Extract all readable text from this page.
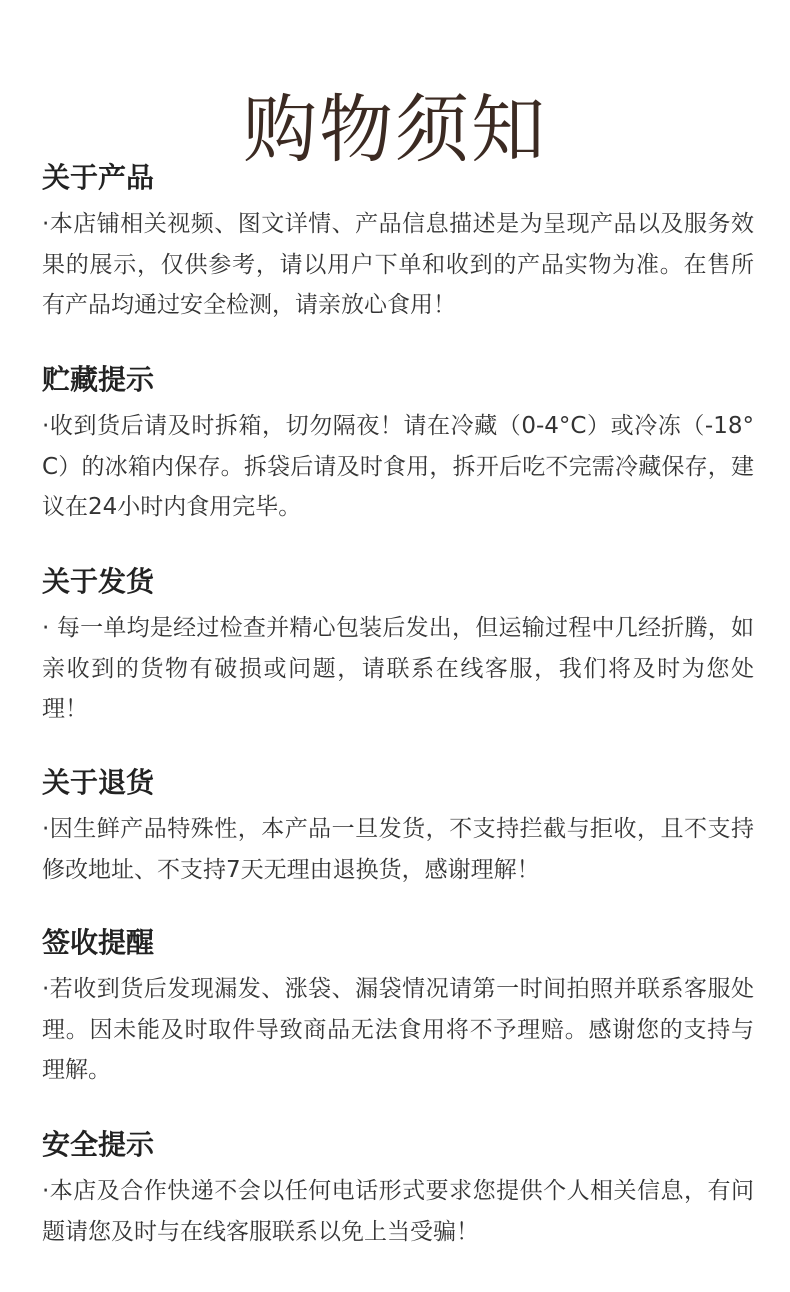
购物须知
关于产品

·本店铺相关视频、图文详情、产品信息描述是为呈现产品以及服务效果的展示，仅供参考，请以用户下单和收到的产品实物为准。在售所有产品均通过安全检测，请亲放心食用！

贮藏提示

·收到货后请及时拆箱，切勿隔夜！请在冷藏（0-4°C）或冷冻（-18°C）的冰箱内保存。拆袋后请及时食用，拆开后吃不完需冷藏保存，建议在24小时内食用完毕。

关于发货

· 每一单均是经过检查并精心包装后发出，但运输过程中几经折腾，如亲收到的货物有破损或问题，请联系在线客服，我们将及时为您处理！

关于退货

·因生鲜产品特殊性，本产品一旦发货，不支持拦截与拒收，且不支持修改地址、不支持7天无理由退换货，感谢理解！

签收提醒

·若收到货后发现漏发、涨袋、漏袋情况请第一时间拍照并联系客服处理。因未能及时取件导致商品无法食用将不予理赔。感谢您的支持与理解。

安全提示

·本店及合作快递不会以任何电话形式要求您提供个人相关信息，有问题请您及时与在线客服联系以免上当受骗！
